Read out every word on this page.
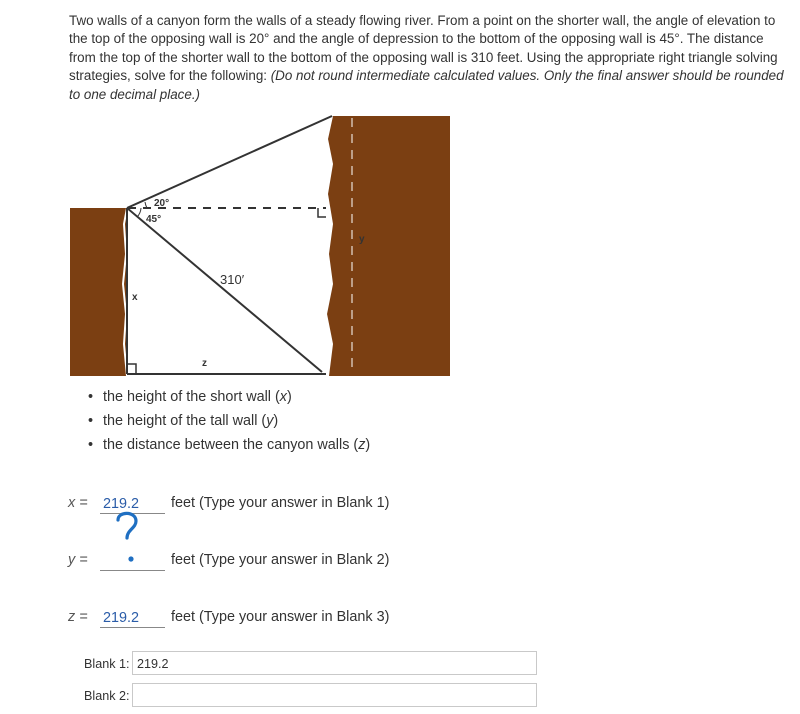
Two walls of a canyon form the walls of a steady flowing river. From a point on the shorter wall, the angle of elevation to the top of the opposing wall is 20° and the angle of depression to the bottom of the opposing wall is 45°. The distance from the top of the shorter wall to the bottom of the opposing wall is 310 feet. Using the appropriate right triangle solving strategies, solve for the following: (Do not round intermediate calculated values. Only the final answer should be rounded to one decimal place.)
20°
45°
310′
x
y
z
• the height of the short wall (x)
• the height of the tall wall (y)
• the distance between the canyon walls (z)
x = 219.2 feet (Type your answer in Blank 1)
y =	feet (Type your answer in Blank 2)
z = 219.2 feet (Type your answer in Blank 3)
Blank 1: 219.2
Blank 2:
